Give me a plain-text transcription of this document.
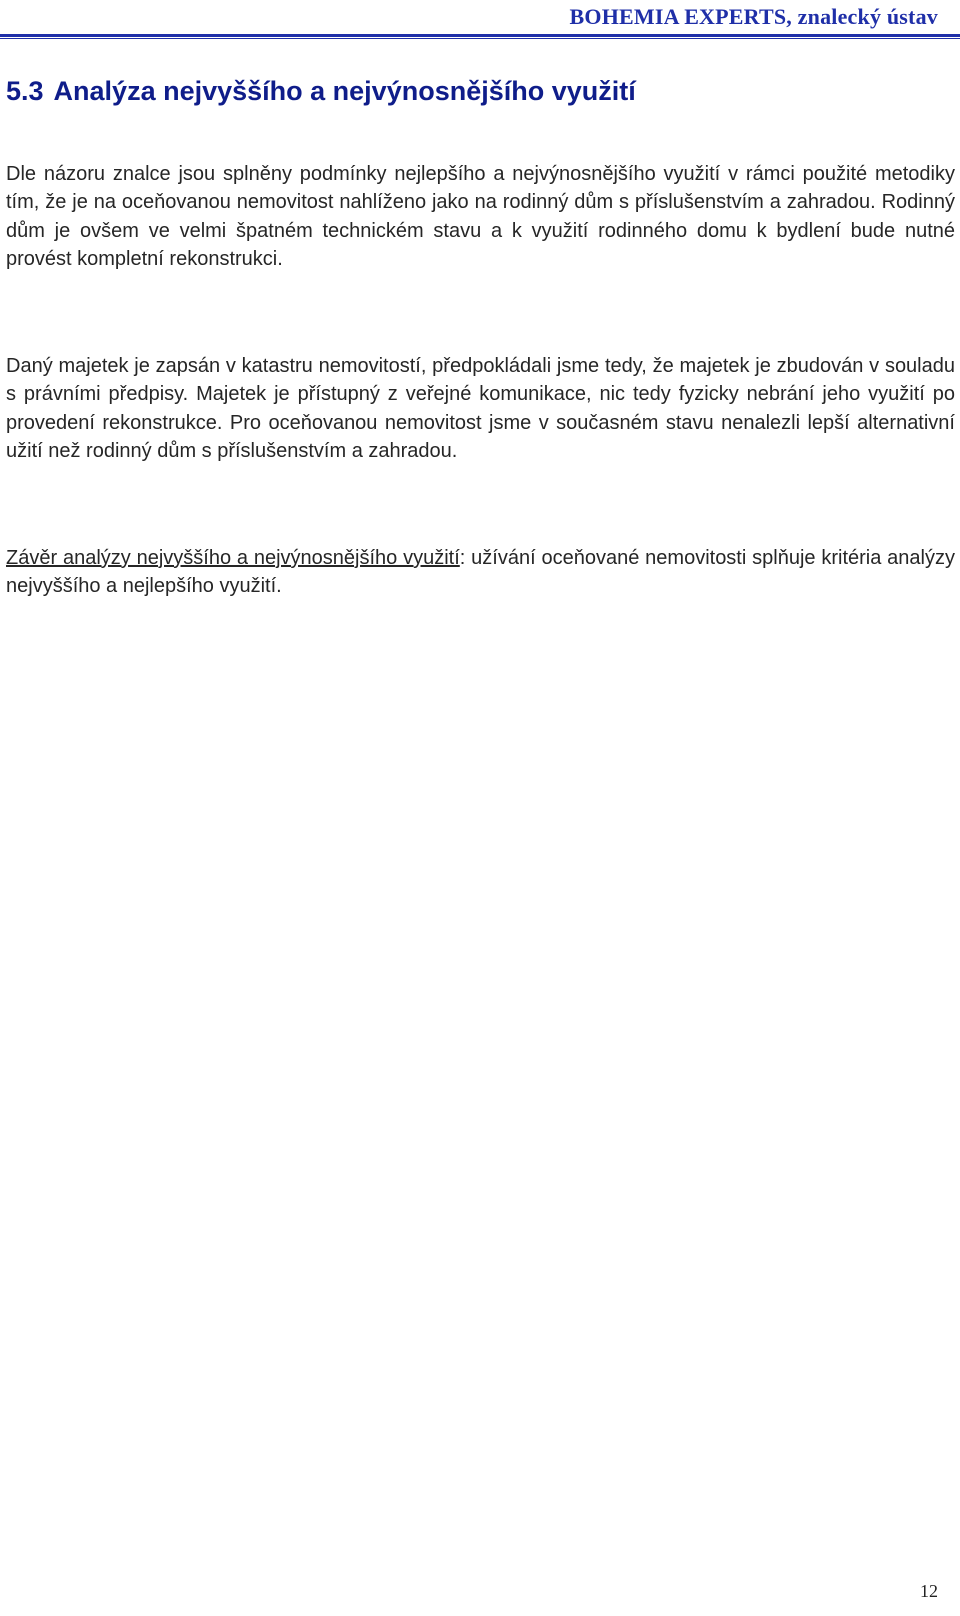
BOHEMIA EXPERTS, znalecký ústav
5.3 Analýza nejvyššího a nejvýnosnějšího využití

Dle názoru znalce jsou splněny podmínky nejlepšího a nejvýnosnějšího využití v rámci použité metodiky tím, že je na oceňovanou nemovitost nahlíženo jako na rodinný dům s příslušenstvím a zahradou. Rodinný dům je ovšem ve velmi špatném technickém stavu a k využití rodinného domu k bydlení bude nutné provést kompletní rekonstrukci.

Daný majetek je zapsán v katastru nemovitostí, předpokládali jsme tedy, že majetek je zbudován v souladu s právními předpisy. Majetek je přístupný z veřejné komunikace, nic tedy fyzicky nebrání jeho využití po provedení rekonstrukce. Pro oceňovanou nemovitost jsme v současném stavu nenalezli lepší alternativní užití než rodinný dům s příslušenstvím a zahradou.

Závěr analýzy nejvyššího a nejvýnosnějšího využití: užívání oceňované nemovitosti splňuje kritéria analýzy nejvyššího a nejlepšího využití.

12
